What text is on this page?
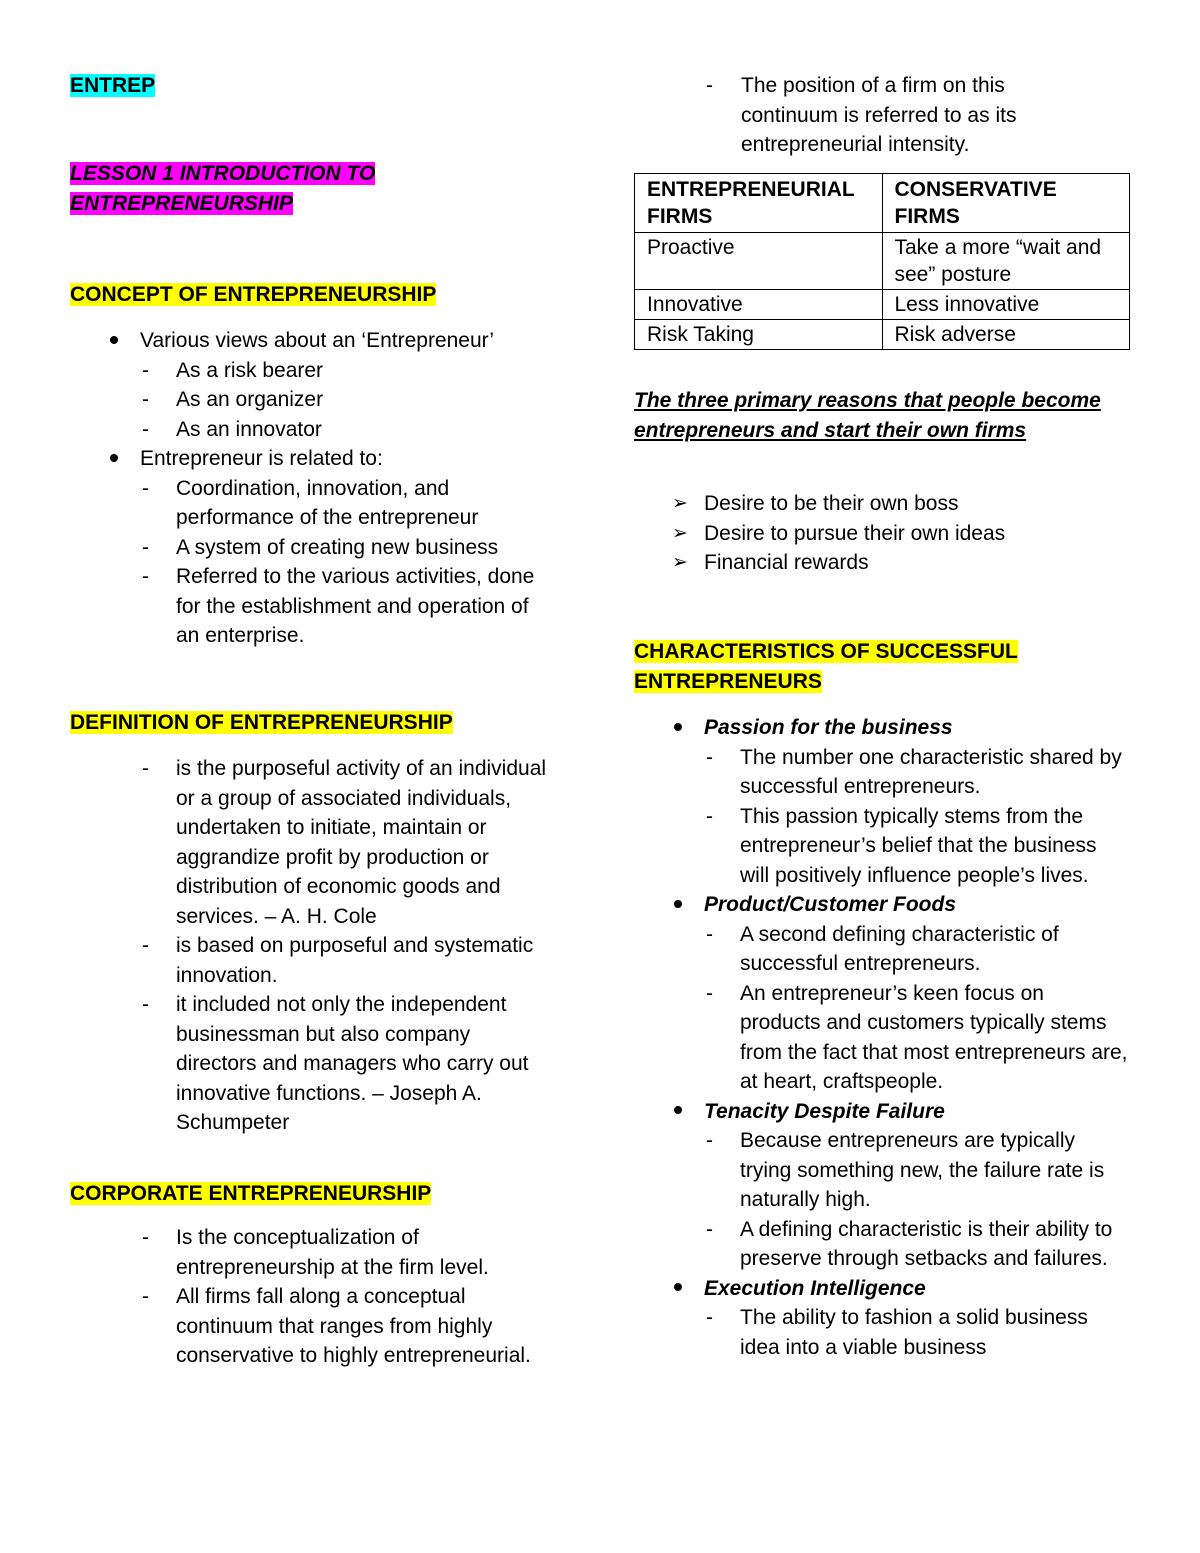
ENTREP
LESSON 1 INTRODUCTION TO ENTREPRENEURSHIP
CONCEPT OF ENTREPRENEURSHIP
Various views about an ‘Entrepreneur’
- As a risk bearer
- As an organizer
- As an innovator
Entrepreneur is related to:
- Coordination, innovation, and performance of the entrepreneur
- A system of creating new business
- Referred to the various activities, done for the establishment and operation of an enterprise.
DEFINITION OF ENTREPRENEURSHIP
- is the purposeful activity of an individual or a group of associated individuals, undertaken to initiate, maintain or aggrandize profit by production or distribution of economic goods and services. – A. H. Cole
- is based on purposeful and systematic innovation.
- it included not only the independent businessman but also company directors and managers who carry out innovative functions. – Joseph A. Schumpeter
CORPORATE ENTREPRENEURSHIP
- Is the conceptualization of entrepreneurship at the firm level.
- All firms fall along a conceptual continuum that ranges from highly conservative to highly entrepreneurial.
- The position of a firm on this continuum is referred to as its entrepreneurial intensity.
ENTREPRENEURIAL FIRMS	CONSERVATIVE FIRMS
Proactive	Take a more “wait and see” posture
Innovative	Less innovative
Risk Taking	Risk adverse
The three primary reasons that people become entrepreneurs and start their own firms
➢ Desire to be their own boss
➢ Desire to pursue their own ideas
➢ Financial rewards
CHARACTERISTICS OF SUCCESSFUL ENTREPRENEURS
Passion for the business
- The number one characteristic shared by successful entrepreneurs.
- This passion typically stems from the entrepreneur’s belief that the business will positively influence people’s lives.
Product/Customer Foods
- A second defining characteristic of successful entrepreneurs.
- An entrepreneur’s keen focus on products and customers typically stems from the fact that most entrepreneurs are, at heart, craftspeople.
Tenacity Despite Failure
- Because entrepreneurs are typically trying something new, the failure rate is naturally high.
- A defining characteristic is their ability to preserve through setbacks and failures.
Execution Intelligence
- The ability to fashion a solid business idea into a viable business
